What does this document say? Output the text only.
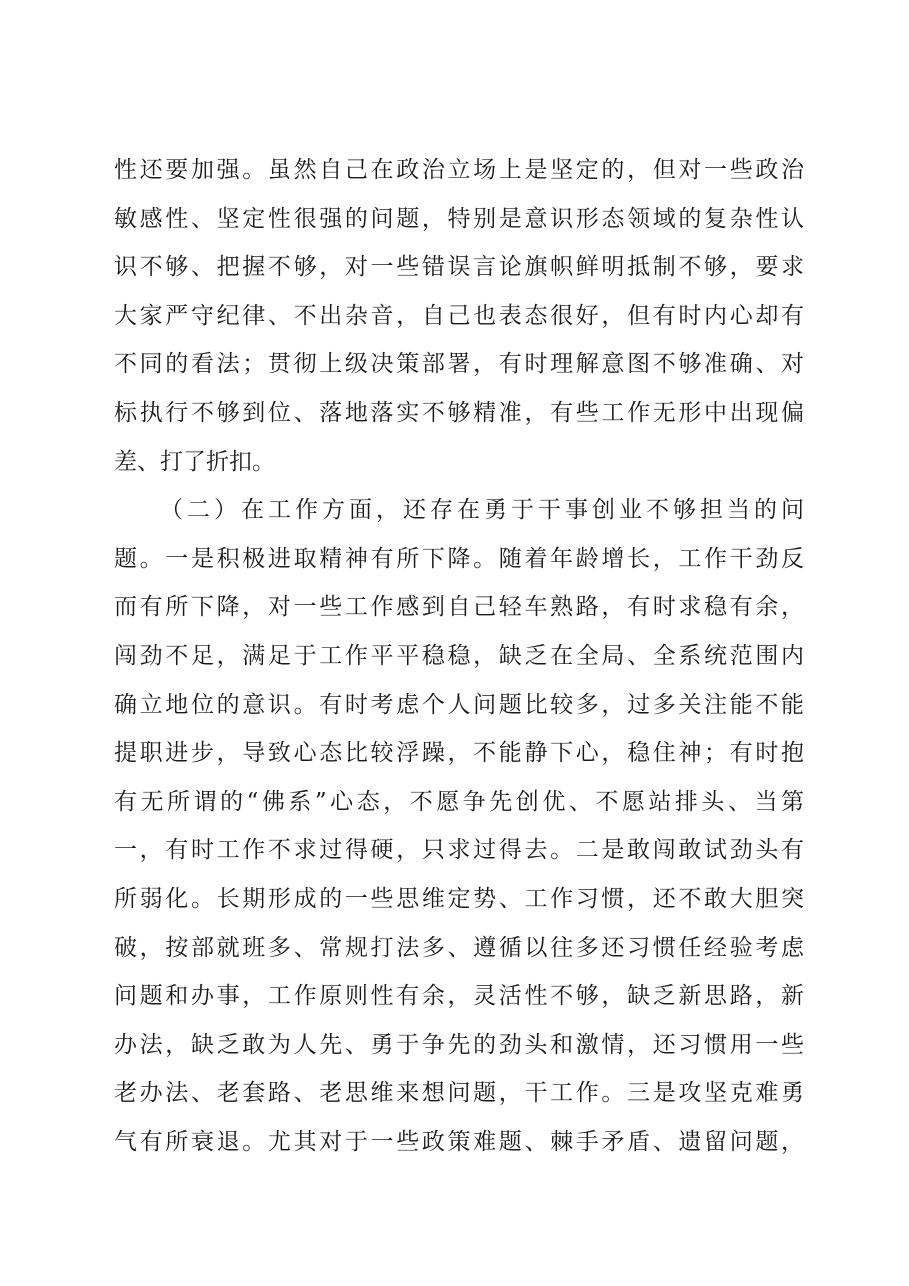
性还要加强。虽然自己在政治立场上是坚定的，但对一些政治
敏感性、坚定性很强的问题，特别是意识形态领域的复杂性认
识不够、把握不够，对一些错误言论旗帜鲜明抵制不够，要求
大家严守纪律、不出杂音，自己也表态很好，但有时内心却有
不同的看法；贯彻上级决策部署，有时理解意图不够准确、对
标执行不够到位、落地落实不够精准，有些工作无形中出现偏
差、打了折扣。
（二）在工作方面，还存在勇于干事创业不够担当的问
题。一是积极进取精神有所下降。随着年龄增长，工作干劲反
而有所下降，对一些工作感到自己轻车熟路，有时求稳有余，
闯劲不足，满足于工作平平稳稳，缺乏在全局、全系统范围内
确立地位的意识。有时考虑个人问题比较多，过多关注能不能
提职进步，导致心态比较浮躁，不能静下心，稳住神；有时抱
有无所谓的“佛系”心态，不愿争先创优、不愿站排头、当第
一，有时工作不求过得硬，只求过得去。二是敢闯敢试劲头有
所弱化。长期形成的一些思维定势、工作习惯，还不敢大胆突
破，按部就班多、常规打法多、遵循以往多还习惯任经验考虑
问题和办事，工作原则性有余，灵活性不够，缺乏新思路，新
办法，缺乏敢为人先、勇于争先的劲头和激情，还习惯用一些
老办法、老套路、老思维来想问题，干工作。三是攻坚克难勇
气有所衰退。尤其对于一些政策难题、棘手矛盾、遗留问题，
